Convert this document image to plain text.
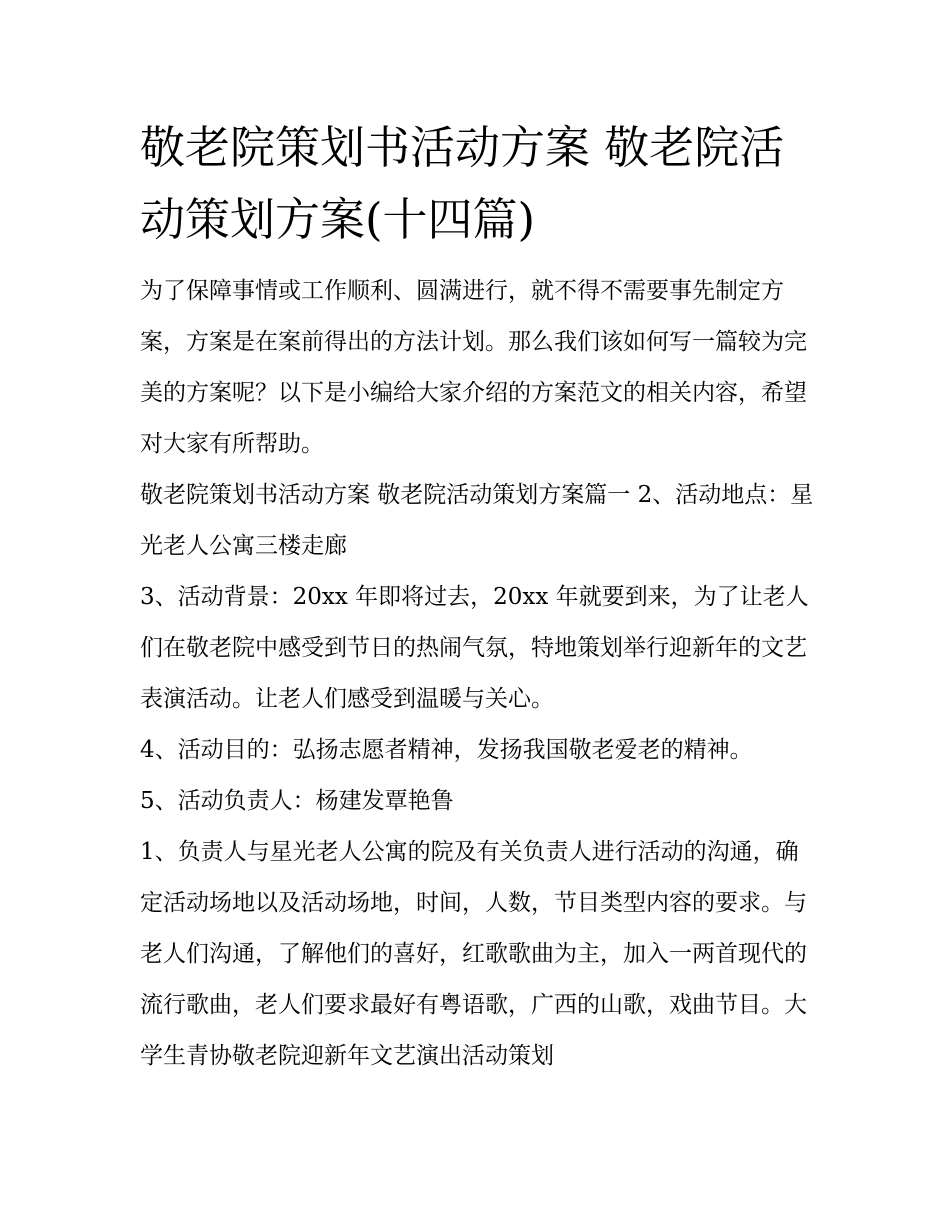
敬老院策划书活动方案 敬老院活动策划方案(十四篇)

为了保障事情或工作顺利、圆满进行，就不得不需要事先制定方案，方案是在案前得出的方法计划。那么我们该如何写一篇较为完美的方案呢？以下是小编给大家介绍的方案范文的相关内容，希望对大家有所帮助。

敬老院策划书活动方案 敬老院活动策划方案篇一 2、活动地点：星光老人公寓三楼走廊

3、活动背景：20xx 年即将过去，20xx 年就要到来，为了让老人们在敬老院中感受到节日的热闹气氛，特地策划举行迎新年的文艺表演活动。让老人们感受到温暖与关心。

4、活动目的：弘扬志愿者精神，发扬我国敬老爱老的精神。

5、活动负责人：杨建发覃艳鲁

1、负责人与星光老人公寓的院及有关负责人进行活动的沟通，确定活动场地以及活动场地，时间，人数，节目类型内容的要求。与老人们沟通，了解他们的喜好，红歌歌曲为主，加入一两首现代的流行歌曲，老人们要求最好有粤语歌，广西的山歌，戏曲节目。大学生青协敬老院迎新年文艺演出活动策划
